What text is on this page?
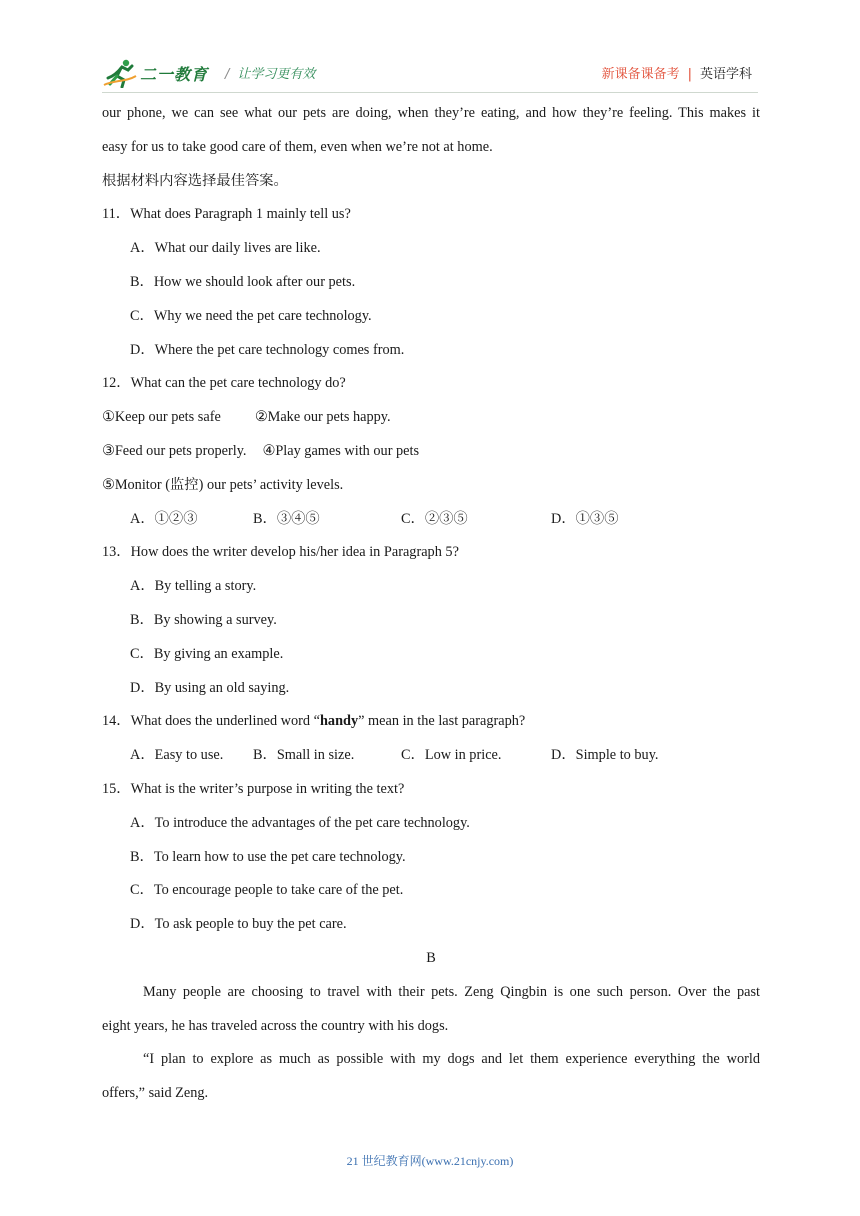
二一教育 / 让学习更有效	新课备课备考 | 英语学科
our phone, we can see what our pets are doing, when they’re eating, and how they’re feeling. This makes it
easy for us to take good care of them, even when we’re not at home.
根据材料内容选择最佳答案。
11．What does Paragraph 1 mainly tell us?
A．What our daily lives are like.
B．How we should look after our pets.
C．Why we need the pet care technology.
D．Where the pet care technology comes from.
12．What can the pet care technology do?
①Keep our pets safe ②Make our pets happy.
③Feed our pets properly. ④Play games with our pets
⑤Monitor (监控) our pets’ activity levels.
A．①②③	B．③④⑤	C．②③⑤	D．①③⑤
13．How does the writer develop his/her idea in Paragraph 5?
A．By telling a story.
B．By showing a survey.
C．By giving an example.
D．By using an old saying.
14．What does the underlined word “handy” mean in the last paragraph?
A．Easy to use.	B．Small in size.	C．Low in price.	D．Simple to buy.
15．What is the writer’s purpose in writing the text?
A．To introduce the advantages of the pet care technology.
B．To learn how to use the pet care technology.
C．To encourage people to take care of the pet.
D．To ask people to buy the pet care.
B
Many people are choosing to travel with their pets. Zeng Qingbin is one such person. Over the past
eight years, he has traveled across the country with his dogs.
“I plan to explore as much as possible with my dogs and let them experience everything the world
offers,” said Zeng.
21 世纪教育网(www.21cnjy.com)
